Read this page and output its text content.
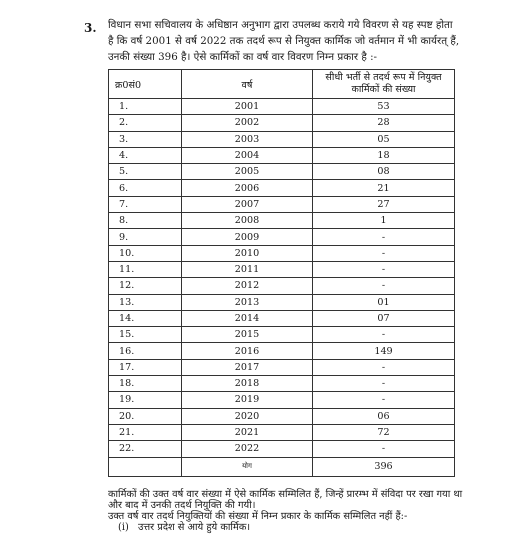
3. विधान सभा सचिवालय के अधिष्ठान अनुभाग द्वारा उपलब्ध कराये गये विवरण से यह स्पष्ट होता
है कि वर्ष 2001 से वर्ष 2022 तक तदर्थ रूप से नियुक्त कार्मिक जो वर्तमान में भी कार्यरत् हैं,
उनकी संख्या 396 है। ऐसे कार्मिकों का वर्ष वार विवरण निम्न प्रकार है :-
क्र0सं0	वर्ष	सीधी भर्ती से तदर्थ रूप में नियुक्त
कार्मिकों की संख्या

1.	2001	53
2.	2002	28
3.	2003	05
4.	2004	18
5.	2005	08
6.	2006	21
7.	2007	27
8.	2008	1
9.	2009	-
10.	2010	-
11.	2011	-
12.	2012	-
13.	2013	01
14.	2014	07
15.	2015	-
16.	2016	149
17.	2017	-
18.	2018	-
19.	2019	-
20.	2020	06
21.	2021	72
22.	2022	-
	योग	396
कार्मिकों की उक्त वर्ष वार संख्या में ऐसे कार्मिक सम्मिलित हैं, जिन्हें प्रारम्भ में संविदा पर रखा गया था
और बाद में उनकी तदर्थ नियुक्ति की गयी।
उक्त वर्ष वार तदर्थ नियुक्तियों की संख्या में निम्न प्रकार के कार्मिक सम्मिलित नहीं हैं:-
(i) उत्तर प्रदेश से आये हुये कार्मिक।
